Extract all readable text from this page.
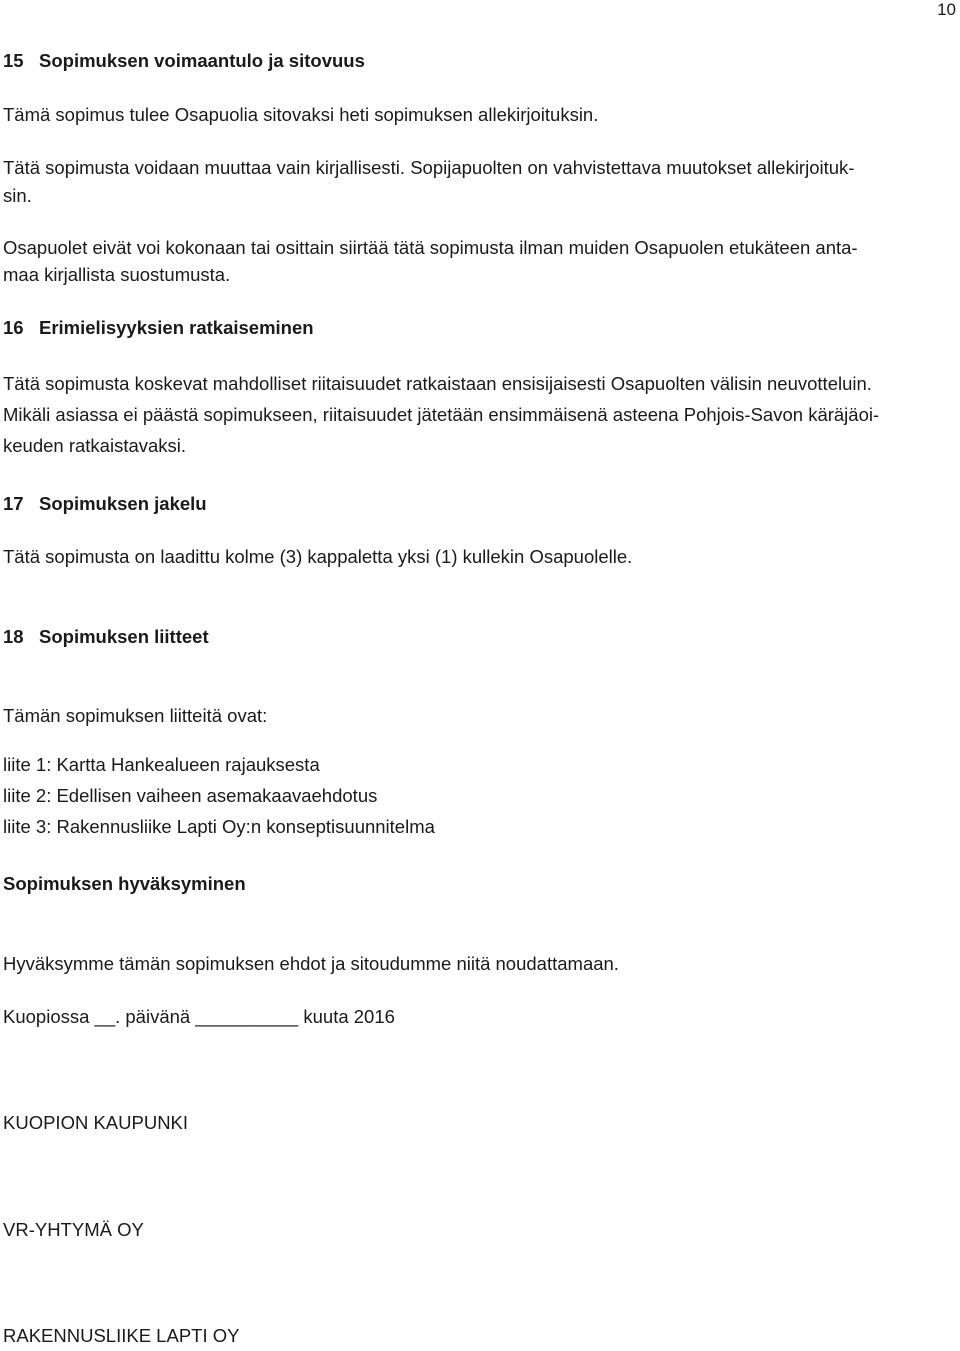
10
15 Sopimuksen voimaantulo ja sitovuus
Tämä sopimus tulee Osapuolia sitovaksi heti sopimuksen allekirjoituksin.
Tätä sopimusta voidaan muuttaa vain kirjallisesti. Sopijapuolten on vahvistettava muutokset allekirjoituk-
sin.
Osapuolet eivät voi kokonaan tai osittain siirtää tätä sopimusta ilman muiden Osapuolen etukäteen anta-
maa kirjallista suostumusta.
16 Erimielisyyksien ratkaiseminen
Tätä sopimusta koskevat mahdolliset riitaisuudet ratkaistaan ensisijaisesti Osapuolten välisin neuvotteluin.
Mikäli asiassa ei päästä sopimukseen, riitaisuudet jätetään ensimmäisenä asteena Pohjois-Savon käräjäoi-
keuden ratkaistavaksi.
17 Sopimuksen jakelu
Tätä sopimusta on laadittu kolme (3) kappaletta yksi (1) kullekin Osapuolelle.
18 Sopimuksen liitteet
Tämän sopimuksen liitteitä ovat:
liite 1: Kartta Hankealueen rajauksesta
liite 2: Edellisen vaiheen asemakaavaehdotus
liite 3: Rakennusliike Lapti Oy:n konseptisuunnitelma
Sopimuksen hyväksyminen
Hyväksymme tämän sopimuksen ehdot ja sitoudumme niitä noudattamaan.
Kuopiossa __. päivänä __________ kuuta 2016
KUOPION KAUPUNKI
VR-YHTYMÄ OY
RAKENNUSLIIKE LAPTI OY
